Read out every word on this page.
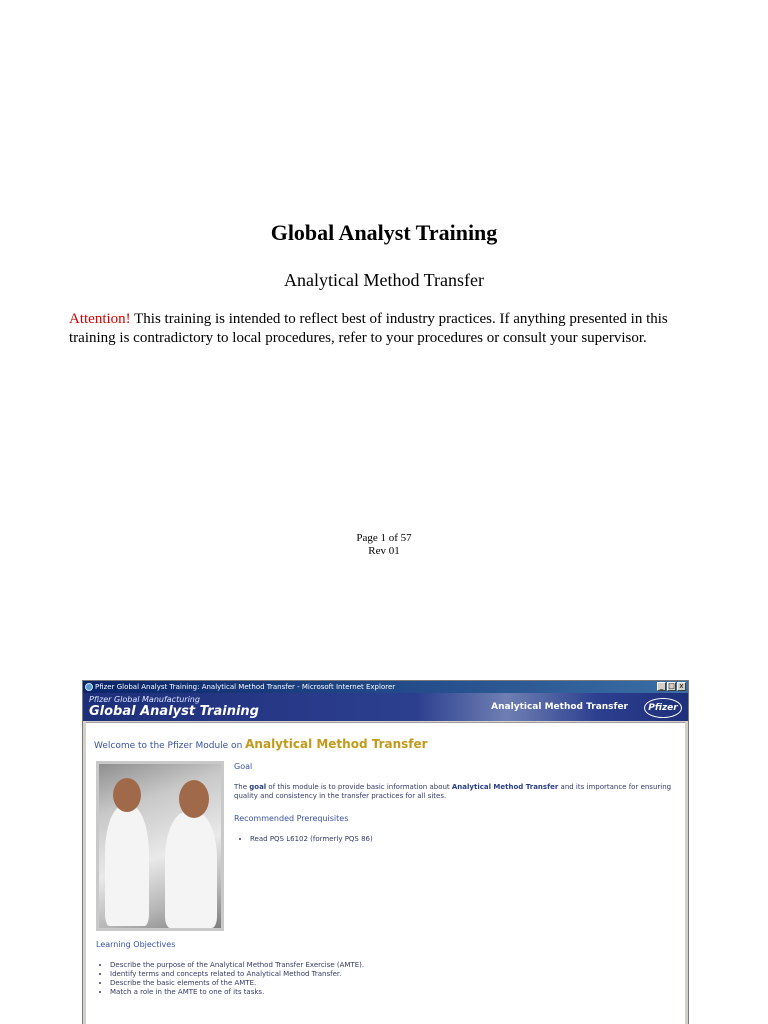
Global Analyst Training
Analytical Method Transfer
Attention! This training is intended to reflect best of industry practices. If anything presented in this training is contradictory to local procedures, refer to your procedures or consult your supervisor.
Page 1 of 57
Rev 01
Pfizer Global Analyst Training: Analytical Method Transfer - Microsoft Internet Explorer	_ □ x
Pfizer Global Manufacturing
Global Analyst Training	Analytical Method Transfer	Pfizer
Welcome to the Pfizer Module on Analytical Method Transfer
Goal
The goal of this module is to provide basic information about Analytical Method Transfer and its importance for ensuring quality and consistency in the transfer practices for all sites.
Recommended Prerequisites
• Read PQS L6102 (formerly PQS 86)
Learning Objectives
• Describe the purpose of the Analytical Method Transfer Exercise (AMTE).
• Identify terms and concepts related to Analytical Method Transfer.
• Describe the basic elements of the AMTE.
• Match a role in the AMTE to one of its tasks.
